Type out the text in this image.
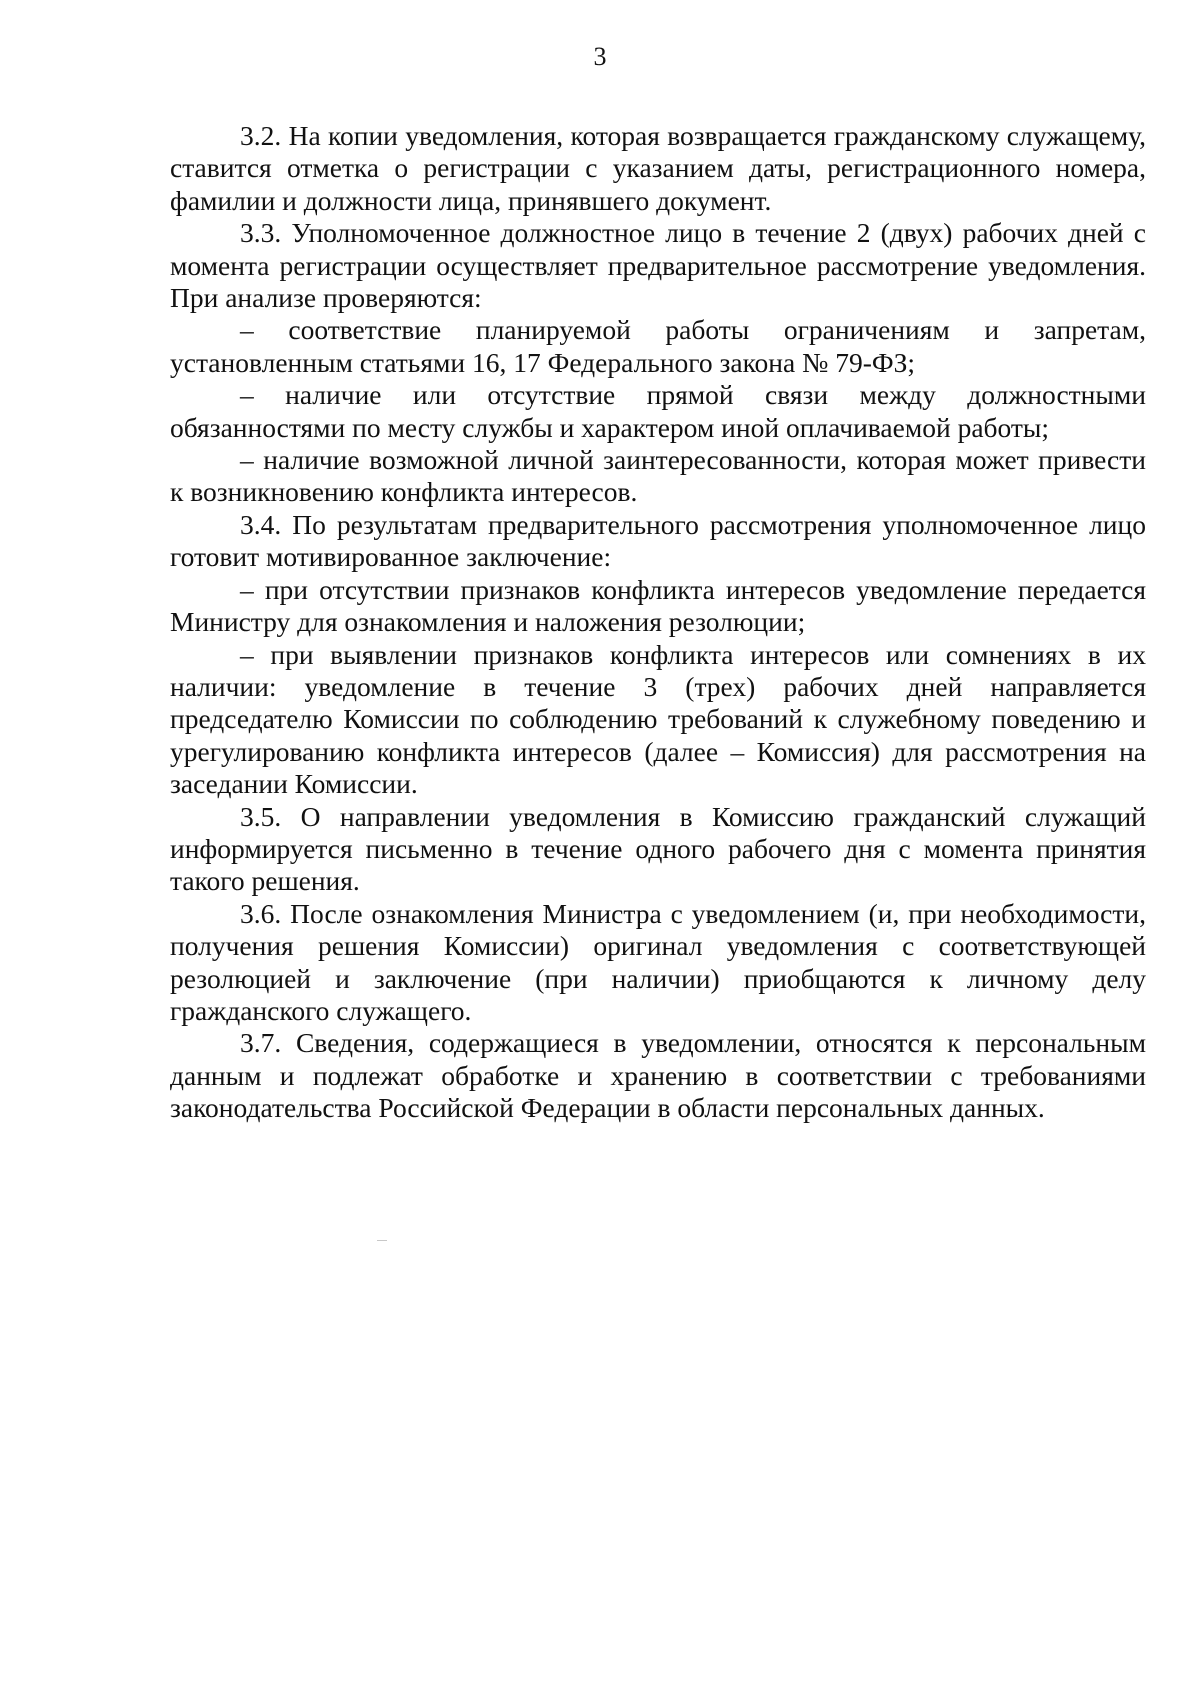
3

3.2. На копии уведомления, которая возвращается гражданскому служащему, ставится отметка о регистрации с указанием даты, регистрационного номера, фамилии и должности лица, принявшего документ.

3.3. Уполномоченное должностное лицо в течение 2 (двух) рабочих дней с момента регистрации осуществляет предварительное рассмотрение уведомления. При анализе проверяются:

– соответствие планируемой работы ограничениям и запретам, установленным статьями 16, 17 Федерального закона № 79-ФЗ;

– наличие или отсутствие прямой связи между должностными обязанностями по месту службы и характером иной оплачиваемой работы;

– наличие возможной личной заинтересованности, которая может привести к возникновению конфликта интересов.

3.4. По результатам предварительного рассмотрения уполномоченное лицо готовит мотивированное заключение:

– при отсутствии признаков конфликта интересов уведомление передается Министру для ознакомления и наложения резолюции;

– при выявлении признаков конфликта интересов или сомнениях в их наличии: уведомление в течение 3 (трех) рабочих дней направляется председателю Комиссии по соблюдению требований к служебному поведению и урегулированию конфликта интересов (далее – Комиссия) для рассмотрения на заседании Комиссии.

3.5. О направлении уведомления в Комиссию гражданский служащий информируется письменно в течение одного рабочего дня с момента принятия такого решения.

3.6. После ознакомления Министра с уведомлением (и, при необходимости, получения решения Комиссии) оригинал уведомления с соответствующей резолюцией и заключение (при наличии) приобщаются к личному делу гражданского служащего.

3.7. Сведения, содержащиеся в уведомлении, относятся к персональным данным и подлежат обработке и хранению в соответствии с требованиями законодательства Российской Федерации в области персональных данных.
